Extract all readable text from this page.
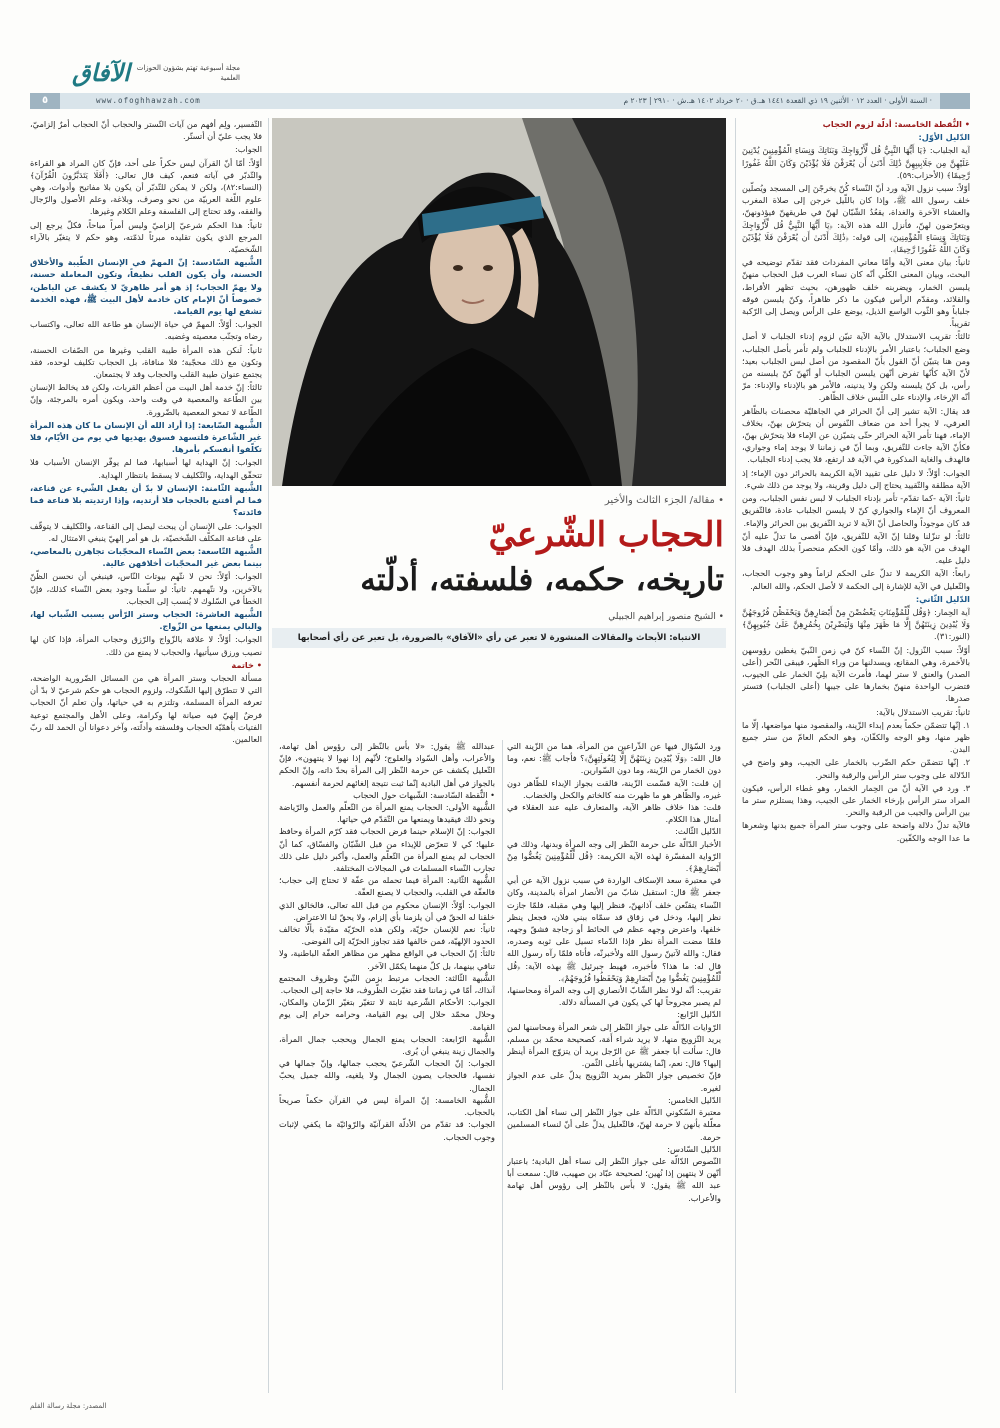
الآفاق	مجلة أسبوعية تهتم بشؤون الحوزات العلمية
www.ofoghhawzah.com	· السنة الأولى · العدد ١٢ · الأثنين ١٩ ذي القعدة ١٤٤١ هـ.ق · ٢٠ خرداد ١٤٠٢ هـ.ش · ٢٩١٠ | ٢٠٢٣ م
٥

• النُّقطة الخامسة: أدلّة لزوم الحجاب

الدّليل الأوّل:

آية الجلباب: ﴿يَا أَيُّهَا النَّبِيُّ قُل لِّأَزْوَاجِكَ وَبَنَاتِكَ وَنِسَاءِ الْمُؤْمِنِينَ يُدْنِينَ عَلَيْهِنَّ مِن جَلَابِيبِهِنَّ ذَٰلِكَ أَدْنَىٰ أَن يُعْرَفْنَ فَلَا يُؤْذَيْنَ وَكَانَ اللَّهُ غَفُورًا رَّحِيمًا﴾ (الأحزاب:٥٩).

أوّلاً: سبب نزول الآية ورد أنّ النّساء كُنّ يخرجْنَ إلى المسجد ويُصلّين خلف رسول الله ﷺ، وإذا كان باللّيل خرجن إلى صلاة المغرب والعشاء الآخرة والغداة، يقعُدُ الشّبّان لهنّ في طريقهنّ فيؤذونهنّ، ويتعرّضون لهنّ، فأنزل الله هذه الآية: ﴿يَا أَيُّهَا النَّبِيُّ قُل لِّأَزْوَاجِكَ وَبَنَاتِكَ وَنِسَاءِ الْمُؤْمِنِينَ﴾ إلى قوله: ﴿ذَٰلِكَ أَدْنَىٰ أَن يُعْرَفْنَ فَلَا يُؤْذَيْنَ وَكَانَ اللَّهُ غَفُورًا رَّحِيمًا﴾.

ثانياً: بيان معنى الآية وأمّا معاني المفردات فقد تقدّم توضيحه في البحث، وبيان المعنى الكلّي أنّه كان نساء العرب قبل الحجاب منهنّ يلبسن الخمار، ويضربنه خلف ظهورهن، بحيث تظهر الأقراط، والقلائد، ومقدّم الرأس فيكون ما ذكر ظاهراً، وكنّ يلبسن فوقه جلباباً وهو الثّوب الواسع الذيل، يوضع على الرأس ويصل إلى الرّكبة تقريباً.

ثالثاً: تقريب الاستدلال بالآية الآية تبيّن لزوم إدناء الجلباب لا أصل وضع الجلباب؛ باعتبار الأمر بالإدناء للجلباب ولم تأمر بأصل الجلباب، ومن هنا يتبيّن أنّ القول بأنّ المقصود من أصل لبس الجلباب بعيد؛ لأنّ الآية كأنّها تفرض أنّهن يلبسن الجلباب أو أنّهنّ كنّ يلبسنه من رأس، بل كنّ يلبسنه ولكن ولا يدنينه، فالأمر هو بالإدناء والإدناء: مرّ أنّه الإرخاء، والإدناء على اللّبس خلاف الظّاهر.

قد يقال: الآية تشير إلى أنّ الحرائر في الجاهليّة محصنات بالظّاهر العرفي، لا يجرأ أحد من ضعاف النّفوس أن يتحرّش بهنّ، بخلاف الإماء، فهنا تأمر الآية الحرائر حتّى يتميّزن عن الإماء فلا يتحرّش بهنّ، فكأنّ الآية جاءت للتّفريق، وبما أنّ في زماننا لا يوجد إماء وجواري، فالهدف والغاية المذكورة في الآية قد ارتفع، فلا يجب إدناء الجلباب.

الجواب: أوّلاً: لا دليل على تقييد الآية الكريمة بالحرائر دون الإماء؛ إذ الآية مطلقة والتّقييد يحتاج إلى دليل وقرينة، ولا يوجد من ذلك شيء.

ثانياً: الآية -كما تقدّم- تأمر بإدناء الجلباب لا لبس نفس الجلباب، ومن المعروف أنّ الإماء والجواري كنّ لا يلبسن الجلباب عادة، فالتّفريق قد كان موجوداً والحاصل أنّ الآية لا تريد التّفريق بين الحرائر والإماء.

ثالثاً: لو تنزّلنا وقلنا إنّ الآية للتّفريق، فإنّ أقصى ما تدلّ عليه أنّ الهدف من الآية هو ذلك، وأمّا كون الحكم منحصراً بذلك الهدف فلا دليل عليه.

رابعاً: الآية الكريمة لا تدلّ على الحكم لزاماً وهو وجوب الحجاب، والتّعليل في الآية للإشارة إلى الحكمة لا لأصل الحكم، والله العالم.

الدّليل الثّاني:

آية الحِمار: ﴿وَقُل لِّلْمُؤْمِنَاتِ يَغْضُضْنَ مِنْ أَبْصَارِهِنَّ وَيَحْفَظْنَ فُرُوجَهُنَّ وَلَا يُبْدِينَ زِينَتَهُنَّ إِلَّا مَا ظَهَرَ مِنْهَا وَلْيَضْرِبْنَ بِخُمُرِهِنَّ عَلَىٰ جُيُوبِهِنَّ﴾ (النور:٣١).

أوّلاً: سبب النّزول: إنّ النّساء كنّ في زمن النّبيّ يغطين رؤوسهن بالأخمرة، وهي المقانع، ويسدلنها من وراء الظّهر، فيبقى النّحر (أعلى الصدر) والعنق لا ستر لهما، فأمرت الآية بلِيّ الخمار على الجيوب، فتضرب الواحدة منهنّ بخمارها على جيبها (أعلى الجلباب) فتستر صدرها.

ثانياً: تقريب الاستدلال بالآية:

١. إنّها تتضمّن حكماً بعدم إبداء الزّينة، والمقصود منها مواضعها، إلّا ما ظهر منها، وهو الوجه والكفّان، وهو الحكم العامّ من ستر جميع البدن.

٢. إنّها تتضمّن حكم الضّرب بالخمار على الجيب، وهو واضح في الدّلالة على وجوب ستر الرأس والرقبة والنحر.

٣. ورد في الآية أنّ من الحِمار الخمار، وهو غطاء الرأس، فيكون المراد ستر الرأس بإرخاء الخمار على الجيب، وهذا يستلزم ستر ما بين الرأس والجيب من الرقبة والنحر.

فالآية تدلّ دلالة واضحة على وجوب ستر المرأة جميع بدنها وشعرها ما عدا الوجه والكفّين.

التّفسير، ولِم أفهم من آيات التّستر والحجاب أنّ الحجاب أمرٌ إلزاميّ، فلا يجب عليّ أن أتستّر.

الجواب:

أوّلاً: أمّا أنّ القرآن ليس حكراً على أحد، فإنّ كان المراد هو القراءة والتّدبّر في آياته فنعم، كيف قال تعالى: ﴿أَفَلَا يَتَدَبَّرُونَ الْقُرْآنَ﴾ (النساء:٨٢)، ولكن لا يمكن للتّدبّر أن يكون بلا مفاتيح وأدوات، وهي علوم اللّغة العربيّة من نحو وصرف، وبلاغة، وعلم الأصول والرّجال والفقه، وقد تحتاج إلى الفلسفة وعلم الكلام وغيرها.

ثانياً: هذا الحكم شرعيّ إلزاميّ وليس أمراً مباحاً، فكلّ يرجع إلى المرجع الذي يكون تقليده مبرئاً لذمّته، وهو حكم لا يتغيّر بالآراء الشّخصيّة.

الشُّبهة السّادسة: إنّ المهمّ في الإنسان الطّيبة والأخلاق الحسنة، وأن يكون القلب نظيفاً، وتكون المعاملة حسنة، ولا يهمّ الحجاب؛ إذ هو أمر ظاهريّ لا يكشف عن الباطن، خصوصاً أنّ الإمام كان خادمة لأهل البيت ﷺ، فهذه الخدمة تشفع لها يوم القيامة.

الجواب: أوّلاً: المهمّ في حياة الإنسان هو طاعة الله تعالى، واكتساب رضاه وتجنّب معصيته وغضبه.

ثانياً: لَنكن هذه المرأة طيبة القلب وغيرها من الصّفات الحسنة، وتكون مع ذلك محجّبة؛ فلا منافاة، بل الحجاب تكليف لوحده، فقد يجتمع عنوان طيبة القلب والحجاب وقد لا يجتمعان.

ثالثاً: إنّ خدمة أهل البيت من أعظم القربات، ولكن قد يخالط الإنسان بين الطّاعة والمعصية في وقت واحد، ويكون أمره بالمرجئة، وإنّ الطّاعة لا تمحو المعصية بالضّرورة.

الشُّبهة السّابعة: إذا أراد الله أن الإنسان ما كان هذه المرأة غير الشّاعرة فلتسهد فسوق يهديها في يوم من الأيّام، فلا تكلّفوا أنفسكم بأمرها.

الجواب: إنّ الهداية لها أسبابها، فما لم يوفّر الإنسان الأسباب فلا تتحقّق الهداية، والتّكليف لا يسقط بانتظار الهداية.

الشُّبهة الثّامنة: الإنسان لا بدّ أن يفعل الشّيء عن قناعة، فما لم أقتنع بالحجاب فلا أرتديه، وإذا ارتديته بلا قناعة فما فائدته؟

الجواب: على الإنسان أن يبحث ليصل إلى القناعة، والتّكليف لا يتوقّف على قناعة المكلّف الشّخصيّة، بل هو أمر إلهيّ ينبغي الامتثال له.

الشُّبهة التّاسعة: بعض النّساء المحجّبات تجاهرن بالمعاصي، بينما بعض غير المحجّبات أخلاقهن عالية.

الجواب: أوّلاً: نحن لا نتّهم بيوتات النّاس، فينبغي أن نحسن الظّنّ بالآخرين، ولا نتّهمهم. ثانياً: لو سلّمنا وجود بعض النّساء كذلك، فإنّ الخطأ في السّلوك لا يُنسب إلى الحجاب.

الشُّبهة العاشرة: الحجاب وستر الرّأس يسبب الشّباب لها، والبالي يمنعها من الزّواج.

الجواب: أوّلاً: لا علاقة بالزّواج والرّزق وحجاب المرأة، فإذا كان لها نصيب ورزق سيأتيها، والحجاب لا يمنع من ذلك.

• خاتمة

مسألة الحجاب وستر المرأة هي من المسائل الضّرورية الواضحة، التي لا تتطرّق إليها الشّكوك، ولزوم الحجاب هو حكم شرعيّ لا بدّ أن تعرفه المرأة المسلمة، وتلتزم به في حياتها، وأن تعلم أنّ الحجاب فرضٌ إلهيّ فيه صيانة لها وكرامة، وعلى الأهل والمجتمع توعية الفتيات بأهمّيّة الحجاب وفلسفته وأدلّته، وآخر دعوانا أن الحمد لله ربّ العالمين.

• مقالة/ الجزء الثالث والأخير
الحجاب الشّرعيّ
تاريخه، حكمه، فلسفته، أدلّته
• الشيخ منصور إبراهيم الجبيلي
الانتباه: الأبحاث والمقالات المنشورة لا تعبر عن رأي «الآفاق» بالضرورة، بل تعبر عن رأي أصحابها

ورد السّؤال فيها عن الذّراعين من المرأة، هما من الزّينة التي قال الله: ﴿وَلَا يُبْدِينَ زِينَتَهُنَّ إِلَّا لِبُعُولَتِهِنَّ﴾؟ فأجاب ﷺ: نعم، وما دون الخمار من الزّينة، وما دون السّوارين.

إن قلت: الآية قسّمت الزّينة، فالقت بجواز الإبداء للظّاهر دون غيره، والظّاهر هو ما ظهرت منه كالخاتم والكحل والخضاب.

قلت: هذا خلاف ظاهر الآية، والمتعارف عليه عند العقلاء في أمثال هذا الكلام.

الدّليل الثّالث:

الأخبار الدّالّة على حرمة النّظر إلى وجه المرأة وبدنها، وذلك في الرّواية المفسّرة لهذه الآية الكريمة: ﴿قُل لِّلْمُؤْمِنِينَ يَغُضُّوا مِنْ أَبْصَارِهِمْ﴾.

في معتبرة سعد الإسكاف الواردة في سبب نزول الآية عن أبي جعفر ﷺ قال: استقبل شابّ من الأنصار امرأة بالمدينة، وكان النّساء يتقنّعن خلف آذانهنّ، فنظر إليها وهي مقبلة، فلمّا جازت نظر إليها، ودخل في زقاق قد سمّاه ببني فلان، فجعل ينظر خلفها، واعترض وجهه عظم في الحائط أو زجاجة فشقّ وجهه، فلمّا مضت المرأة نظر فإذا الدّماء تسيل على ثوبه وصدره، فقال: والله لآتينّ رسول الله ولأخبرنّه، فأتاه فلمّا رآه رسول الله قال له: ما هذا؟ فأخبره، فهبط جبرئيل ﷺ بهذه الآية: ﴿قُل لِّلْمُؤْمِنِينَ يَغُضُّوا مِنْ أَبْصَارِهِمْ وَيَحْفَظُوا فُرُوجَهُمْ﴾.

تقريب: أنّه لولا نظر الشّابّ الأنصاري إلى وجه المرأة ومحاسنها، لم يصبر مجروحاً لها كي يكون في المسألة دلالة.

الدّليل الرّابع:

الرّوايات الدّالّة على جواز النّظر إلى شعر المرأة ومحاسنها لمن يريد التّزويج منها، لا يريد شراء أَمَة، كصحيحة محمّد بن مسلم، قال: سألت أبا جعفر ﷺ عن الرّجل يريد أن يتزوّج المرأة أينظر إليها؟ قال: نعم، إنّما يشتريها بأغلى الثّمن.

فإنّ تخصيص جواز النّظر بمريد التّزويج يدلّ على عدم الجواز لغيره.

الدّليل الخامس:

معتبرة السّكوني الدّالّة على جواز النّظر إلى نساء أهل الكتاب، معلّلة بأنهن لا حرمة لهنّ، فالتّعليل يدلّ على أنّ لنساء المسلمين حرمة.

الدّليل السّادس:

النّصوص الدّالّة على جواز النّظر إلى نساء أهل البادية؛ باعتبار أنّهن لا ينتهين إذا نُهين؛ لصحيحة عبّاد بن صهيب، قال: سمعت أبا عبد الله ﷺ يقول: لا بأس بالنّظر إلى رؤوس أهل تهامة والأعراب.

عبدالله ﷺ يقول: «لا بأس بالنّظر إلى رؤوس أهل تهامة، والأعراب، وأهل السّواد والعلوج؛ لأنّهم إذا نهوا لا ينتهون»، فإنّ التّعليل يكشف عن حرمة النّظر إلى المرأة بحدّ ذاته، وإنّ الحكم بالجواز في أهل البادية إنّما ثبت نتيجة إلغائهم لحرمة أنفسهم.

• النُّقطة السّادسة: الشّبهات حول الحجاب

الشُّبهة الأولى: الحجاب يمنع المرأة من التّعلّم والعمل والرّياضة ونحو ذلك فيقيدها ويمنعها من التّقدّم في حياتها.

الجواب: إنّ الإسلام حينما فرض الحجاب فقد كرّم المرأة وحافظ عليها؛ كي لا تتعرّض للإيذاء من قبل الشّبّان والفسّاق، كما أنّ الحجاب لم يمنع المرأة من التّعلّم والعمل، وأكبر دليل على ذلك تجارب النّساء المسلمات في المجالات المختلفة.

الشُّبهة الثّانية: المرأة فيما تحمله من عفّة لا تحتاج إلى حجاب؛ فالعفّة في القلب، والحجاب لا يصنع العفّة.

الجواب: أوّلاً: الإنسان محكوم من قبل الله تعالى، فالخالق الذي خلقنا له الحقّ في أن يلزمنا بأي إلزام، ولا يحقّ لنا الاعتراض.

ثانياً: نعم للإنسان حرّيّة، ولكن هذه الحرّيّة مقيّدة بألّا تخالف الحدود الإلهيّة، فمن خالفها فقد تجاوز الحرّيّة إلى الفوضى.

ثالثاً: إنّ الحجاب في الواقع مظهر من مظاهر العفّة الباطنية، ولا تنافي بينهما، بل كلّ منهما يكمّل الآخر.

الشُّبهة الثّالثة: الحجاب مرتبط بزمن النّبيّ وظروف المجتمع آنذاك، أمّا في زماننا فقد تغيّرت الظّروف، فلا حاجة إلى الحجاب.

الجواب: الأحكام الشّرعية ثابتة لا تتغيّر بتغيّر الزّمان والمكان، وحلال محمّد حلال إلى يوم القيامة، وحرامه حرام إلى يوم القيامة.

الشُّبهة الرّابعة: الحجاب يمنع الجمال ويحجب جمال المرأة، والجمال زينة ينبغي أن يُرى.

الجواب: إنّ الحجاب الشّرعيّ يحجب جمالها، وإنّ جمالها في نفسها، فالحجاب يصون الجمال ولا يلغيه، والله جميل يحبّ الجمال.

الشُّبهة الخامسة: إنّ المرأة ليس في القرآن حكماً صريحاً بالحجاب.

الجواب: قد تقدّم من الأدلّة القرآنيّة والرّوائيّة ما يكفي لإثبات وجوب الحجاب.

المصدر: مجلة رسالة القلم
